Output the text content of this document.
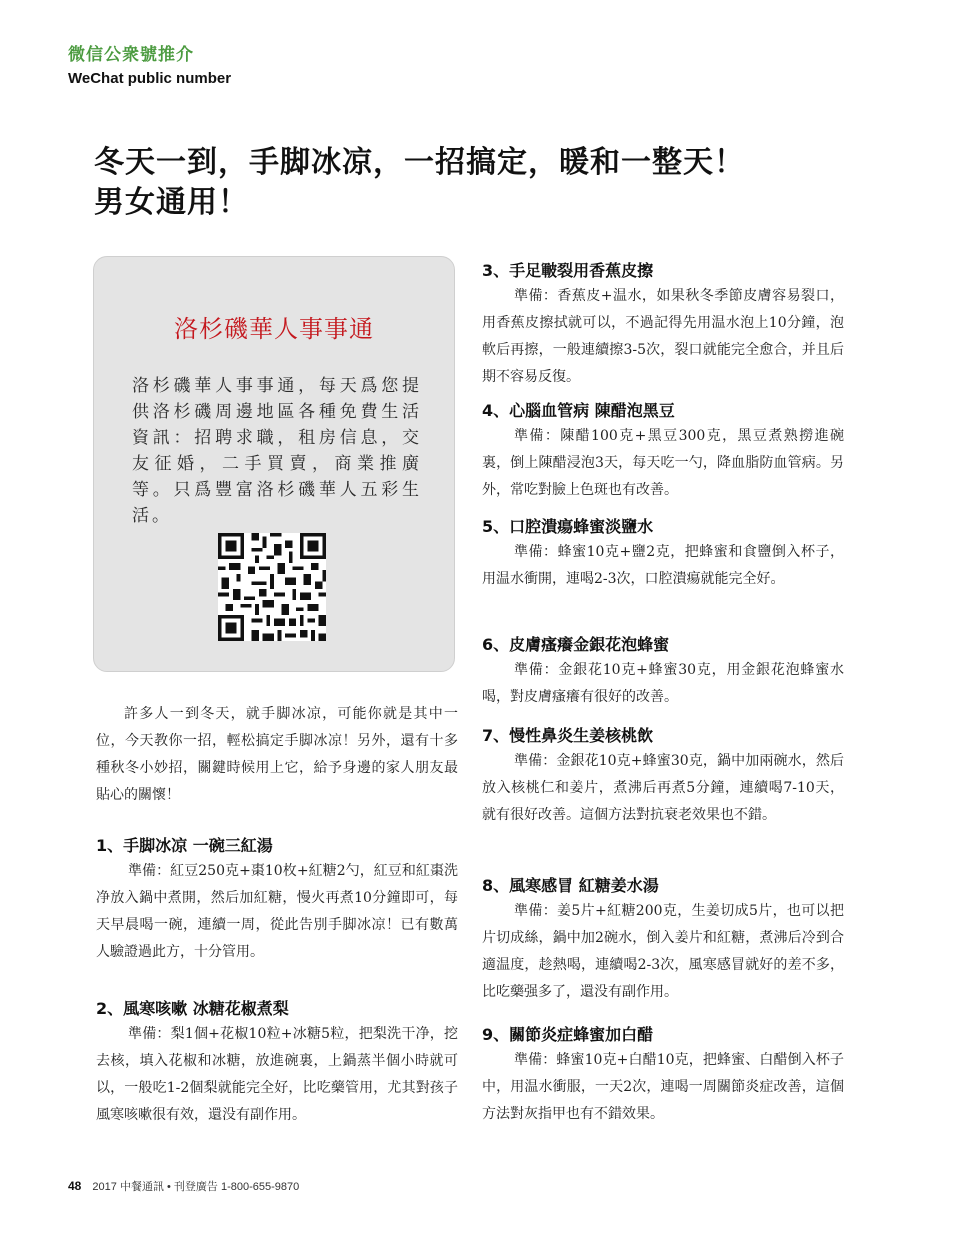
微信公衆號推介
WeChat public number
冬天一到，手脚冰凉，一招搞定，暖和一整天！
男女通用！
洛杉磯華人事事通
洛杉磯華人事事通，每天爲您提供洛杉磯周邊地區各種免費生活資訊：招聘求職，租房信息，交友征婚，二手買賣，商業推廣等。只爲豐富洛杉磯華人五彩生活。
許多人一到冬天，就手脚冰凉，可能你就是其中一位，今天教你一招，輕松搞定手脚冰凉！另外，還有十多種秋冬小妙招，關鍵時候用上它，給予身邊的家人朋友最貼心的關懷！
1、手脚冰凉 一碗三紅湯
準備：紅豆250克+棗10枚+紅糖2勺，紅豆和紅棗洗净放入鍋中煮開，然后加紅糖，慢火再煮10分鐘即可，每天早晨喝一碗，連續一周，從此告別手脚冰凉！已有數萬人驗證過此方，十分管用。
2、風寒咳嗽 冰糖花椒煮梨
準備：梨1個+花椒10粒+冰糖5粒，把梨洗干净，挖去核，填入花椒和冰糖，放進碗裏，上鍋蒸半個小時就可以，一般吃1-2個梨就能完全好，比吃藥管用，尤其對孩子風寒咳嗽很有效，還没有副作用。
3、手足皸裂用香蕉皮擦
準備：香蕉皮+温水，如果秋冬季節皮膚容易裂口，用香蕉皮擦拭就可以，不過記得先用温水泡上10分鐘，泡軟后再擦，一般連續擦3-5次，裂口就能完全愈合，并且后期不容易反復。
4、心腦血管病 陳醋泡黑豆
準備：陳醋100克+黑豆300克，黑豆煮熟撈進碗裏，倒上陳醋浸泡3天，每天吃一勺，降血脂防血管病。另外，常吃對臉上色斑也有改善。
5、口腔潰瘍蜂蜜淡鹽水
準備：蜂蜜10克+鹽2克，把蜂蜜和食鹽倒入杯子，用温水衝開，連喝2-3次，口腔潰瘍就能完全好。
6、皮膚瘙癢金銀花泡蜂蜜
準備：金銀花10克+蜂蜜30克，用金銀花泡蜂蜜水喝，對皮膚瘙癢有很好的改善。
7、慢性鼻炎生姜核桃飲
準備：金銀花10克+蜂蜜30克，鍋中加兩碗水，然后放入核桃仁和姜片，煮沸后再煮5分鐘，連續喝7-10天，就有很好改善。這個方法對抗衰老效果也不錯。
8、風寒感冒 紅糖姜水湯
準備：姜5片+紅糖200克，生姜切成5片，也可以把片切成絲，鍋中加2碗水，倒入姜片和紅糖，煮沸后冷到合適温度，趁熱喝，連續喝2-3次，風寒感冒就好的差不多，比吃藥强多了，還没有副作用。
9、關節炎症蜂蜜加白醋
準備：蜂蜜10克+白醋10克，把蜂蜜、白醋倒入杯子中，用温水衝服，一天2次，連喝一周關節炎症改善，這個方法對灰指甲也有不錯效果。
48 2017 中餐通訊 • 刊登廣告 1-800-655-9870
